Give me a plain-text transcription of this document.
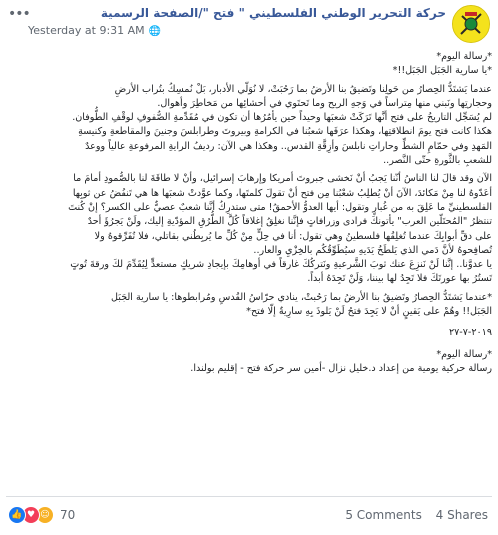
•••
Yesterday at 9:31 AM 🌐
حركة التحرير الوطني الفلسطيني " فتح "/الصفحة الرسمية

*رسالة اليوم*

*يا سارية الجَبَل الجَبَل!!*

عندما يَشتَدُّ الحِصارُ من حَولِنا وتَضيقُ بنا الأرضُ بما رَحُبَتْ، لا نُوَلّي الأدبار، بَلْ نُمسِكُ بتُراب الأرضِ

وحجارتِها ونَبني منها مِتراساً في وَجهِ الريح وما تَحتَوي في أحشائِها من مَخاطِرَ وأهوال.

لم يُسَجِّل التاريخُ على فتح أنَّها تَرَكَتْ شعبَها وحيداً حين يأمُرُها أن تكون في مُقَدِّمةِ الصُّفوفِ لوقْفِ الطُّوفان.

هكذا كانت فتح يومَ انطلاقتِها، وهكذا عرَفَها شعبُنا في الكرامةِ وبيروتَ وطرابلسَ وجنينَ والمقاطعةِ وكنيسةِ

المَهدِ وفي حمّامِ الشطِّ وحاراتِ نابلسَ وأزِقَّةِ القدس.. وهكذا هي الآن: رديفُ الرايةِ المرفوعةِ عالياً ووعدٌ

للشعبِ بالثَّورةِ حتّى النَّصر..

الآن وقد قالَ لنا الناسُ أنّنا يَجبُ أنْ نَخشى جبروتَ أمريكا وإرهابَ إسرائيل، وأنْ لا طاقَةَ لنا بالصُّمودِ أمامَ ما

أعَدّوهُ لنا مِنْ مَكائدَ، الآنَ أنْ يُطلِبُ شعْبُنا مِن فتح أنْ تقولَ كلمتَها، وكما عوَّدتْ شعبَها ها هي تَنفُضُ عن ثوبِها

الفلسطينيِّ ما عَلِقَ به من غُبارٍ وتقول: أيها العدوُّ الأحمقُ! متى ستدرِكُ أنَّنا شعبٌ عصيٌّ على الكسر؟ إنْ كُنتَ

تنتظرُ "المُحتَلّين العرب" يأتونكَ فرادى وزرافاتٍ فإنَّنا نغلِقُ إغلاقاً كُلَّ الطُّرُقِ المؤدّيةِ إليك، ولَنْ يَجرُؤَ أحدٌ

على دقِّ أبوابِكَ عندما تُغلِقُها فلسطينُ وهي تقول: أنا في حِلٍّ مِنْ كُلِّ ما يُربِطُني بقاتلي، فلا تُفَرِّقوهُ ولا

تُصافِحوهُ لأنَّ دَمي الذي يَلطَخُ يَدَيهِ سيُطَوِّقُكُم بالخِزْيِ والعار..

يا عدوَّنا.. إنَّنا لَنْ نَنزِعَ عنك ثوبَ الشَّرعيةِ ونَتركُكَ غارقاً في أوهامِكَ بإيجادِ شريكٍ مستعدٍّ لِيُقَدِّمَ لكَ ورقةَ تُوتٍ

تَستُرُ بها عورتَكَ فلا تَجِدُ لها بيننا، وَلَنْ تَجِدَهُ أبداً.

*عندما يَشتَدُّ الحِصارُ وتَضيقُ بنا الأرضُ بما رَحُبتْ، ينادي حرّاسُ القُدسِ ومُرابطوها: يا سارية الجَبَل

الجَبَل!! وهُمْ على يَقينٍ أنْ لا يَجِدَ فتحُ لَنْ يَلوذَ بِهِ سارِيةٌ إلّا فتح*

٢٠١٩-٧-٢٧

*رسالة اليوم*

رسالة حركية يومية من إعداد د.خليل نزال -أمين سر حركة فتح - إقليم بولندا.

👍 ♥ ☺ 70	5 Comments 4 Shares
